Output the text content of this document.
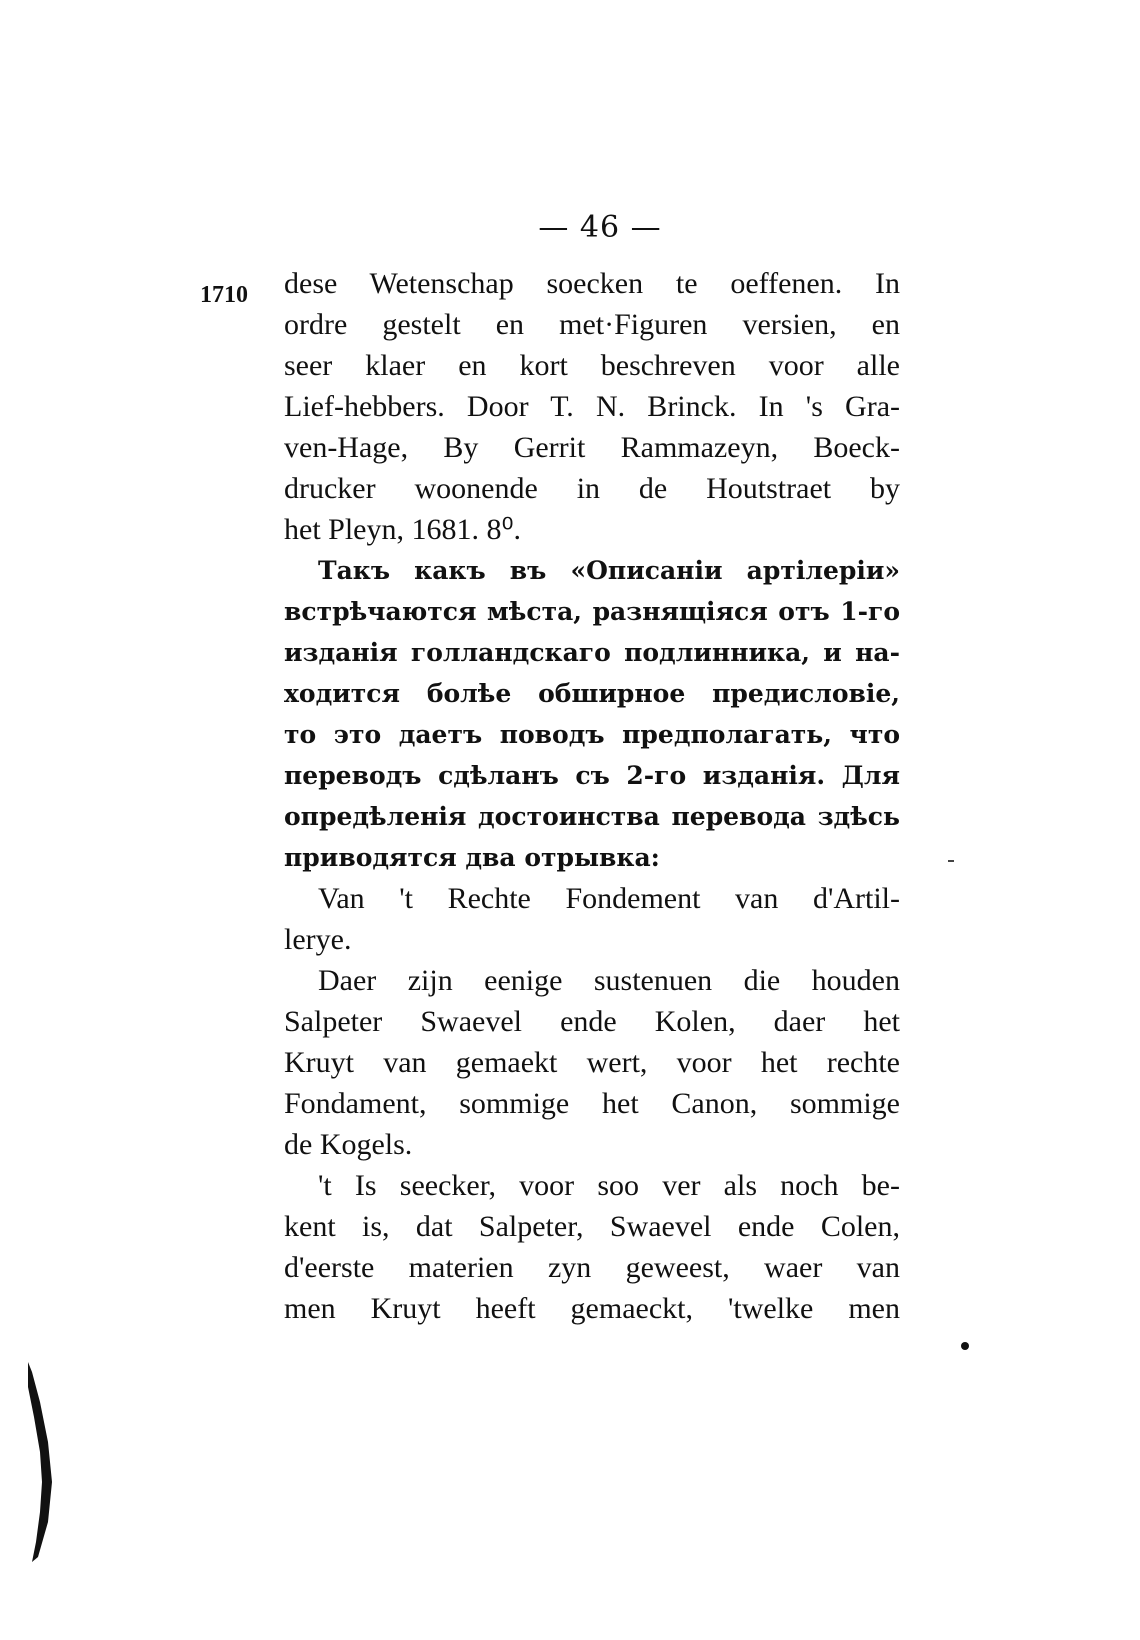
— 46 —
1710 dese Wetenschap soecken te oeffenen. In
ordre gestelt en met·Figuren versien, en
seer klaer en kort beschreven voor alle
Lief-hebbers. Door T. N. Brinck. In 's Gra-
ven-Hage, By Gerrit Rammazeyn, Boeck-
drucker woonende in de Houtstraet by
het Pleyn, 1681. 8⁰.
Такъ какъ въ «Описаніи артілеріи»
встрѣчаются мѣста, разнящіяся отъ 1-го
изданія голландскаго подлинника, и на-
ходится болѣе обширное предисловіе,
то это даетъ поводъ предполагать, что
переводъ сдѣланъ съ 2-го изданія. Для
опредѣленія достоинства перевода здѣсь
приводятся два отрывка:
Van 't Rechte Fondement van d'Artil-
lerye.
Daer zijn eenige sustenuen die houden
Salpeter Swaevel ende Kolen, daer het
Kruyt van gemaekt wert, voor het rechte
Fondament, sommige het Canon, sommige
de Kogels.
't Is seecker, voor soo ver als noch be-
kent is, dat Salpeter, Swaevel ende Colen,
d'eerste materien zyn geweest, waer van
men Kruyt heeft gemaeckt, 'twelke men
